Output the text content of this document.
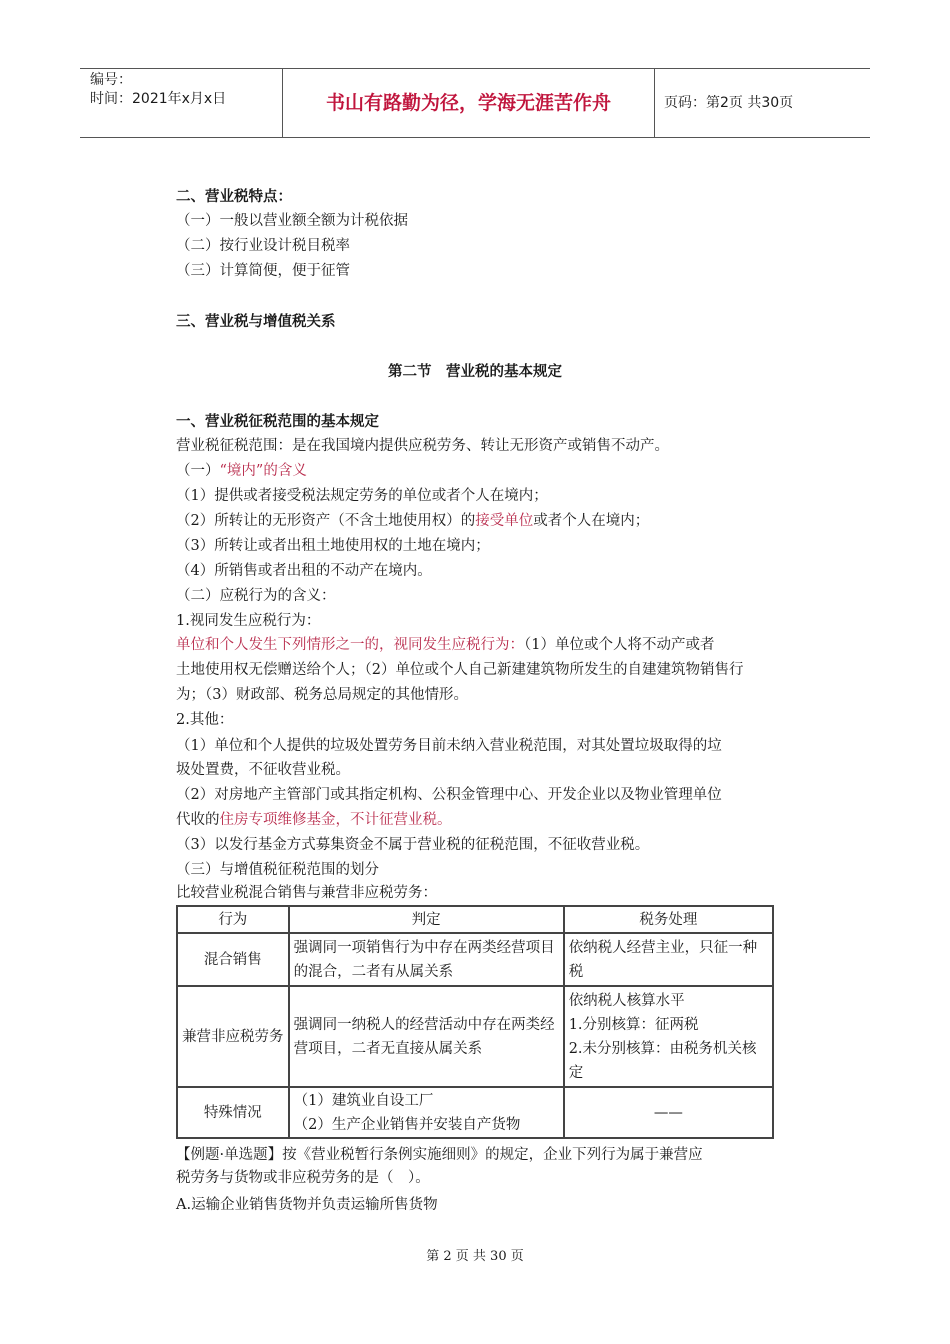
编号：
时间：2021年x月x日	书山有路勤为径，学海无涯苦作舟	页码：第2页 共30页
二、营业税特点：
（一）一般以营业额全额为计税依据
（二）按行业设计税目税率
（三）计算简便，便于征管
三、营业税与增值税关系
第二节　营业税的基本规定
一、营业税征税范围的基本规定
营业税征税范围：是在我国境内提供应税劳务、转让无形资产或销售不动产。
（一）“境内”的含义
（1）提供或者接受税法规定劳务的单位或者个人在境内；
（2）所转让的无形资产（不含土地使用权）的接受单位或者个人在境内；
（3）所转让或者出租土地使用权的土地在境内；
（4）所销售或者出租的不动产在境内。
（二）应税行为的含义：
1.视同发生应税行为：
单位和个人发生下列情形之一的，视同发生应税行为：（1）单位或个人将不动产或者
土地使用权无偿赠送给个人；（2）单位或个人自己新建建筑物所发生的自建建筑物销售行
为；（3）财政部、税务总局规定的其他情形。
2.其他：
（1）单位和个人提供的垃圾处置劳务目前未纳入营业税范围，对其处置垃圾取得的垃
圾处置费，不征收营业税。
（2）对房地产主管部门或其指定机构、公积金管理中心、开发企业以及物业管理单位
代收的住房专项维修基金，不计征营业税。
（3）以发行基金方式募集资金不属于营业税的征税范围，不征收营业税。
（三）与增值税征税范围的划分
比较营业税混合销售与兼营非应税劳务：
行为	判定	税务处理
混合销售	强调同一项销售行为中存在两类经营项目的混合，二者有从属关系	依纳税人经营主业，只征一种税
兼营非应税劳务	强调同一纳税人的经营活动中存在两类经营项目，二者无直接从属关系	依纳税人核算水平
1.分别核算：征两税
2.未分别核算：由税务机关核定

特殊情况	（1）建筑业自设工厂
（2）生产企业销售并安装自产货物	——
【例题·单选题】按《营业税暂行条例实施细则》的规定，企业下列行为属于兼营应
税劳务与货物或非应税劳务的是（　）。
A.运输企业销售货物并负责运输所售货物
第 2 页 共 30 页
